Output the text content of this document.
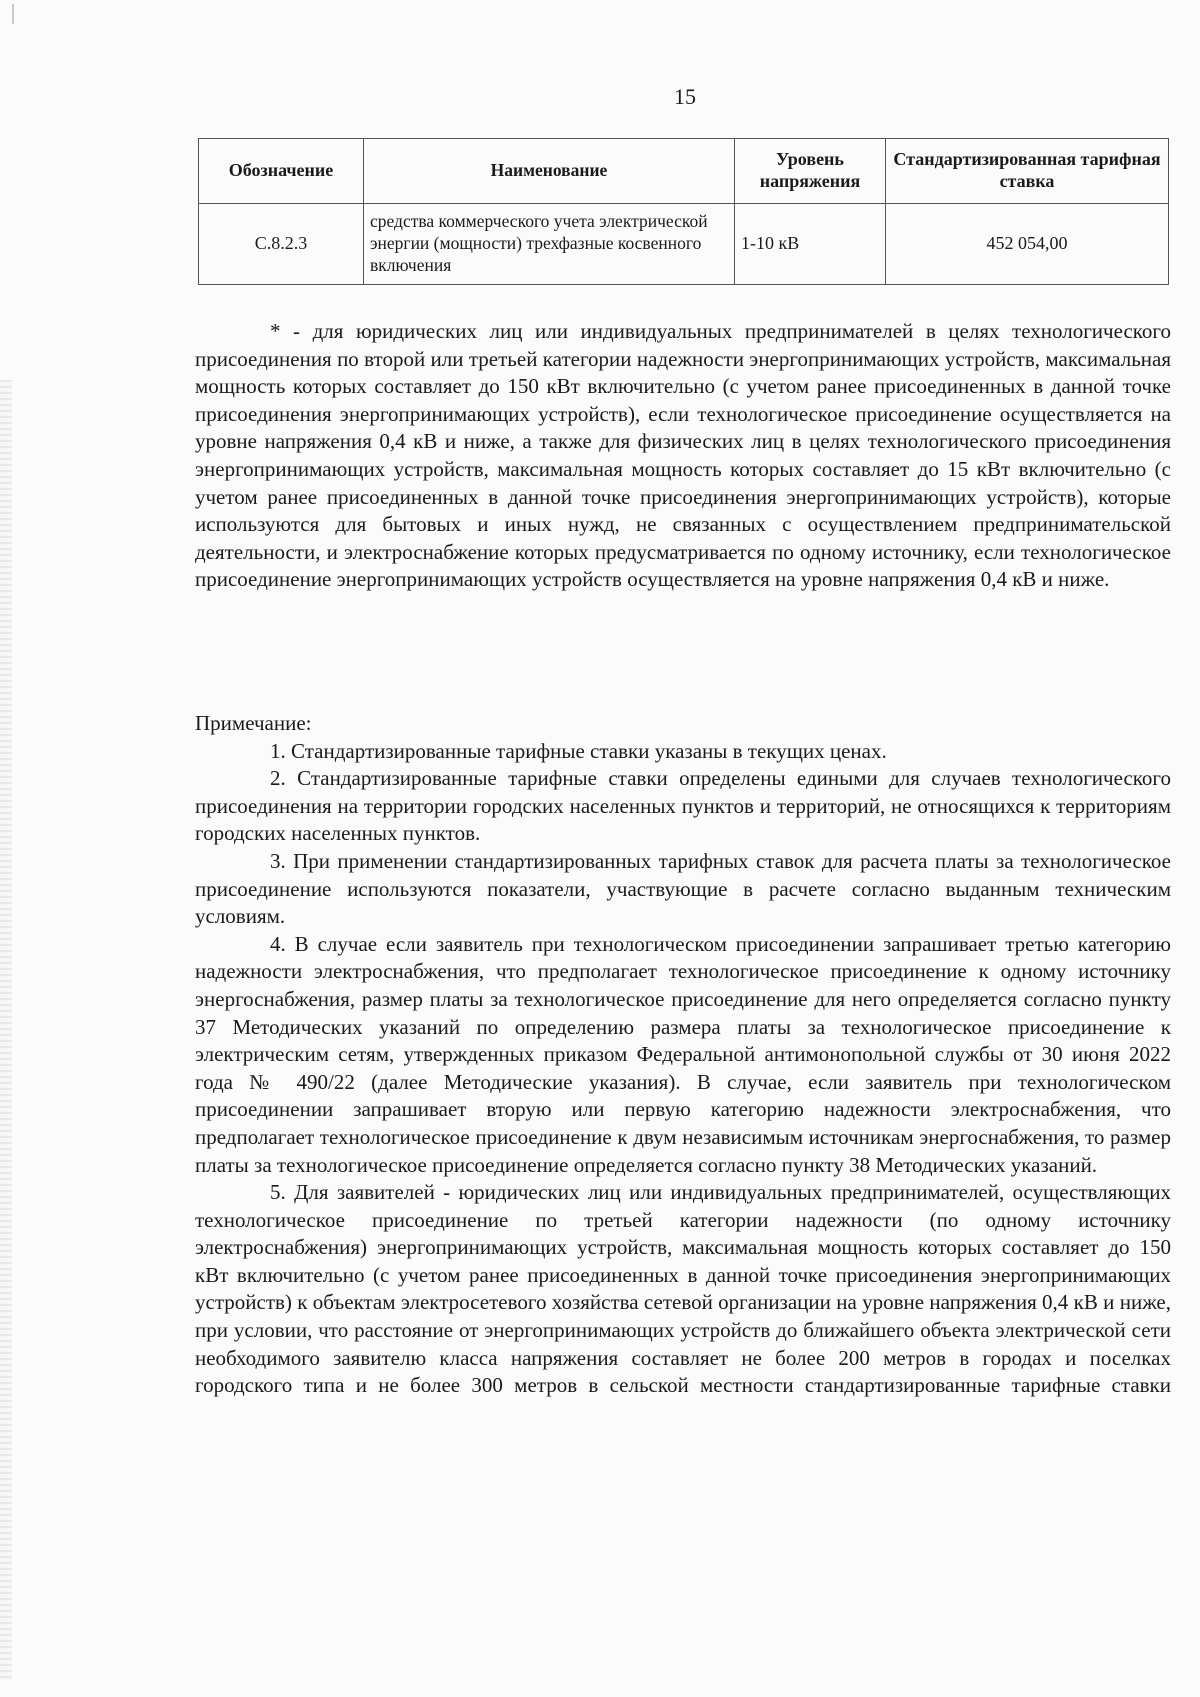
15
Обозначение	Наименование	Уровень напряжения	Стандартизированная тарифная ставка
С.8.2.3	средства коммерческого учета электрической энергии (мощности) трехфазные косвенного включения	1-10 кВ	452 054,00

* - для юридических лиц или индивидуальных предпринимателей в целях технологического присоединения по второй или третьей категории надежности энергопринимающих устройств, максимальная мощность которых составляет до 150 кВт включительно (с учетом ранее присоединенных в данной точке присоединения энергопринимающих устройств), если технологическое присоединение осуществляется на уровне напряжения 0,4 кВ и ниже, а также для физических лиц в целях технологического присоединения энергопринимающих устройств, максимальная мощность которых составляет до 15 кВт включительно (с учетом ранее присоединенных в данной точке присоединения энергопринимающих устройств), которые используются для бытовых и иных нужд, не связанных с осуществлением предпринимательской деятельности, и электроснабжение которых предусматривается по одному источнику, если технологическое присоединение энергопринимающих устройств осуществляется на уровне напряжения 0,4 кВ и ниже.

Примечание:

1. Стандартизированные тарифные ставки указаны в текущих ценах.

2. Стандартизированные тарифные ставки определены едиными для случаев технологического присоединения на территории городских населенных пунктов и территорий, не относящихся к территориям городских населенных пунктов.

3. При применении стандартизированных тарифных ставок для расчета платы за технологическое присоединение используются показатели, участвующие в расчете согласно выданным техническим условиям.

4. В случае если заявитель при технологическом присоединении запрашивает третью категорию надежности электроснабжения, что предполагает технологическое присоединение к одному источнику энергоснабжения, размер платы за технологическое присоединение для него определяется согласно пункту 37 Методических указаний по определению размера платы за технологическое присоединение к электрическим сетям, утвержденных приказом Федеральной антимонопольной службы от 30 июня 2022 года № 490/22 (далее Методические указания). В случае, если заявитель при технологическом присоединении запрашивает вторую или первую категорию надежности электроснабжения, что предполагает технологическое присоединение к двум независимым источникам энергоснабжения, то размер платы за технологическое присоединение определяется согласно пункту 38 Методических указаний.

5. Для заявителей - юридических лиц или индивидуальных предпринимателей, осуществляющих технологическое присоединение по третьей категории надежности (по одному источнику электроснабжения) энергопринимающих устройств, максимальная мощность которых составляет до 150 кВт включительно (с учетом ранее присоединенных в данной точке присоединения энергопринимающих устройств) к объектам электросетевого хозяйства сетевой организации на уровне напряжения 0,4 кВ и ниже, при условии, что расстояние от энергопринимающих устройств до ближайшего объекта электрической сети необходимого заявителю класса напряжения составляет не более 200 метров в городах и поселках городского типа и не более 300 метров в сельской местности стандартизированные тарифные ставки
